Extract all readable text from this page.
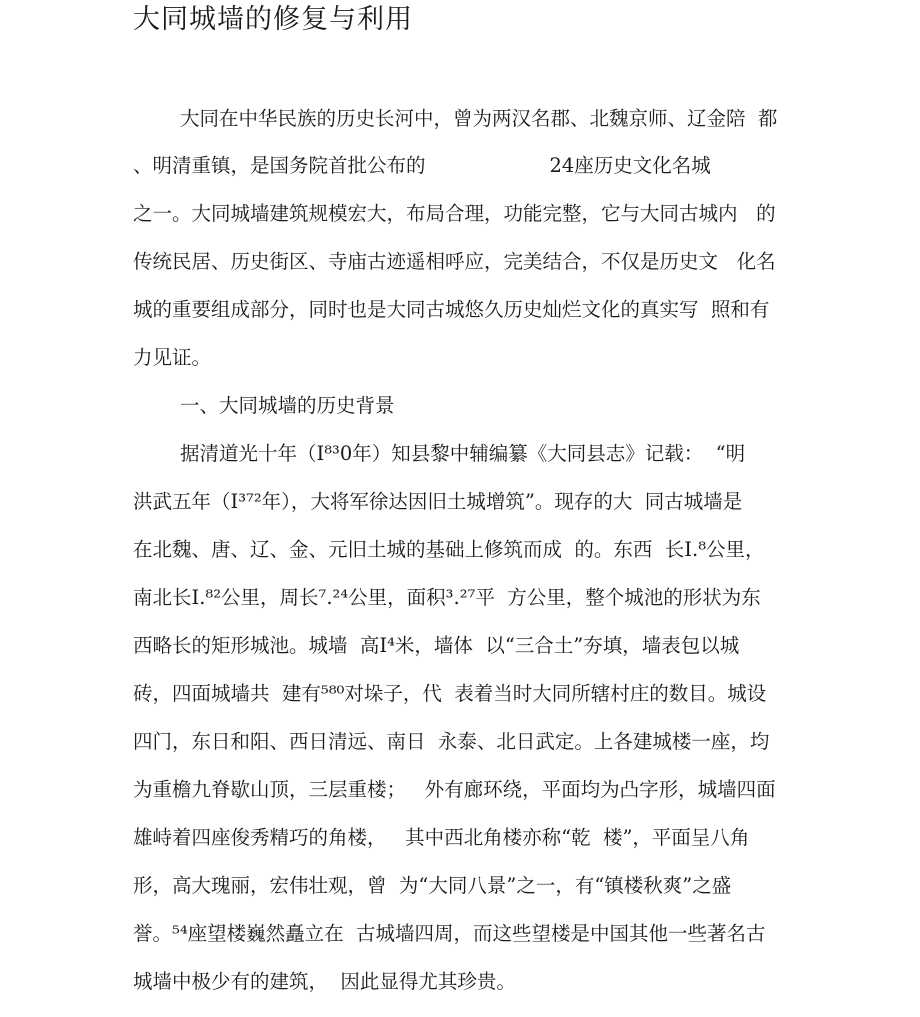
大同城墙的修复与利用
大同在中华民族的历史长河中，曾为两汉名郡、北魏京师、辽金陪  都
、明清重镇，是国务院首批公布的                    24座历史文化名城
之一。大同城墙建筑规模宏大，布局合理，功能完整，它与大同古城内   的
传统民居、历史街区、寺庙古迹遥相呼应，完美结合，不仅是历史文   化名
城的重要组成部分，同时也是大同古城悠久历史灿烂文化的真实写  照和有
力见证。
一、大同城墙的历史背景
据清道光十年（I⁸³0年）知县黎中辅编纂《大同县志》记载：  “明
洪武五年（I³⁷²年），大将军徐达因旧土城增筑”。现存的大  同古城墙是
在北魏、唐、辽、金、元旧土城的基础上修筑而成  的。东西  长I.⁸公里，
南北长I.⁸²公里，周长⁷.²⁴公里，面积³.²⁷平  方公里，整个城池的形状为东
西略长的矩形城池。城墙  高I⁴米，墙体  以“三合土”夯填，墙表包以城
砖，四面城墙共  建有⁵⁸⁰对垛子，代  表着当时大同所辖村庄的数目。城设
四门，东日和阳、西日清远、南日  永泰、北日武定。上各建城楼一座，均
为重檐九脊歇山顶，三层重楼；   外有廊环绕，平面均为凸字形，城墙四面
雄峙着四座俊秀精巧的角楼，   其中西北角楼亦称“乾  楼”，平面呈八角
形，高大瑰丽，宏伟壮观，曾  为“大同八景”之一，有“镇楼秋爽”之盛
誉。⁵⁴座望楼巍然矗立在  古城墙四周，而这些望楼是中国其他一些著名古
城墙中极少有的建筑，  因此显得尤其珍贵。
